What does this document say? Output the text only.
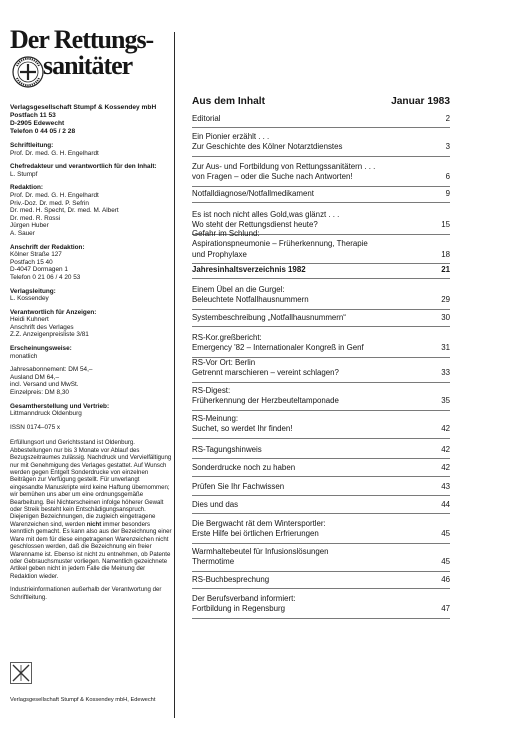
Der Rettungs-
sanitäter
Verlagsgesellschaft Stumpf & Kossendey mbH
Postfach 11 53
D-2905 Edewecht
Telefon 0 44 05 / 2 28
Schriftleitung:
Prof. Dr. med. G. H. Engelhardt
Chefredakteur und verantwortlich für den Inhalt:
L. Stumpf
Redaktion:
Prof. Dr. med. G. H. Engelhardt
Priv.-Doz. Dr. med. P. Sefrin
Dr. med. H. Specht, Dr. med. M. Albert
Dr. med. R. Rossi
Jürgen Huber
A. Sauer
Anschrift der Redaktion:
Kölner Straße 127
Postfach 15 40
D-4047 Dormagen 1
Telefon 0 21 06 / 4 20 53
Verlagsleitung:
L. Kossendey
Verantwortlich für Anzeigen:
Heidi Kuhnert
Anschrift des Verlages
Z.Z. Anzeigenpreisliste 3/81
Erscheinungsweise:
monatlich
Jahresabonnement: DM 54,–
Ausland DM 64,–
incl. Versand und MwSt.
Einzelpreis: DM 8,30
Gesamtherstellung und Vertrieb:
Littmanndruck Oldenburg
ISSN 0174–075 x
Erfüllungsort und Gerichtsstand ist Oldenburg. Abbestellungen nur bis 3 Monate vor Ablauf des Bezugszeitraumes zulässig. Nachdruck und Vervielfältigung nur mit Genehmigung des Verlages gestattet. Auf Wunsch werden gegen Entgelt Sonderdrucke von einzelnen Beiträgen zur Verfügung gestellt. Für unverlangt eingesandte Manuskripte wird keine Haftung übernommen; wir bemühen uns aber um eine ordnungsgemäße Bearbeitung. Bei Nichterscheinen infolge höherer Gewalt oder Streik besteht kein Entschädigungsanspruch. Diejenigen Bezeichnungen, die zugleich eingetragene Warenzeichen sind, werden nicht immer besonders kenntlich gemacht. Es kann also aus der Bezeichnung einer Ware mit dem für diese eingetragenen Warenzeichen nicht geschlossen werden, daß die Bezeichnung ein freier Warenname ist. Ebenso ist nicht zu entnehmen, ob Patente oder Gebrauchsmuster vorliegen. Namentlich gezeichnete Artikel geben nicht in jedem Falle die Meinung der Redaktion wieder.
Industrieinformationen außerhalb der Verantwortung der Schriftleitung.
Verlagsgesellschaft Stumpf & Kossendey mbH, Edewecht
Aus dem Inhalt	Januar 1983
Editorial	2
Ein Pionier erzählt . . .
Zur Geschichte des Kölner Notarztdienstes	3
Zur Aus- und Fortbildung von Rettungssanitätern . . .
von Fragen – oder die Suche nach Antworten!	6
Notfalldiagnose/Notfallmedikament	9
Es ist noch nicht alles Gold,was glänzt . . .
Wo steht der Rettungsdienst heute?	15
Gefahr im Schlund:
Aspirationspneumonie – Früherkennung, Therapie
und Prophylaxe	18
Jahresinhaltsverzeichnis 1982	21
Einem Übel an die Gurgel:
Beleuchtete Notfallhausnummern	29
Systembeschreibung „Notfallhausnummern“	30
RS-Kor.greßbericht:
Emergency '82 – Internationaler Kongreß in Genf	31
RS-Vor Ort: Berlin
Getrennt marschieren – vereint schlagen?	33
RS-Digest:
Früherkennung der Herzbeuteltamponade	35
RS-Meinung:
Suchet, so werdet Ihr finden!	42
RS-Tagungshinweis	42
Sonderdrucke noch zu haben	42
Prüfen Sie Ihr Fachwissen	43
Dies und das	44
Die Bergwacht rät dem Wintersportler:
Erste Hilfe bei örtlichen Erfrierungen	45
Warmhaltebeutel für Infusionslösungen
Thermotime	45
RS-Buchbesprechung	46
Der Berufsverband informiert:
Fortbildung in Regensburg	47
